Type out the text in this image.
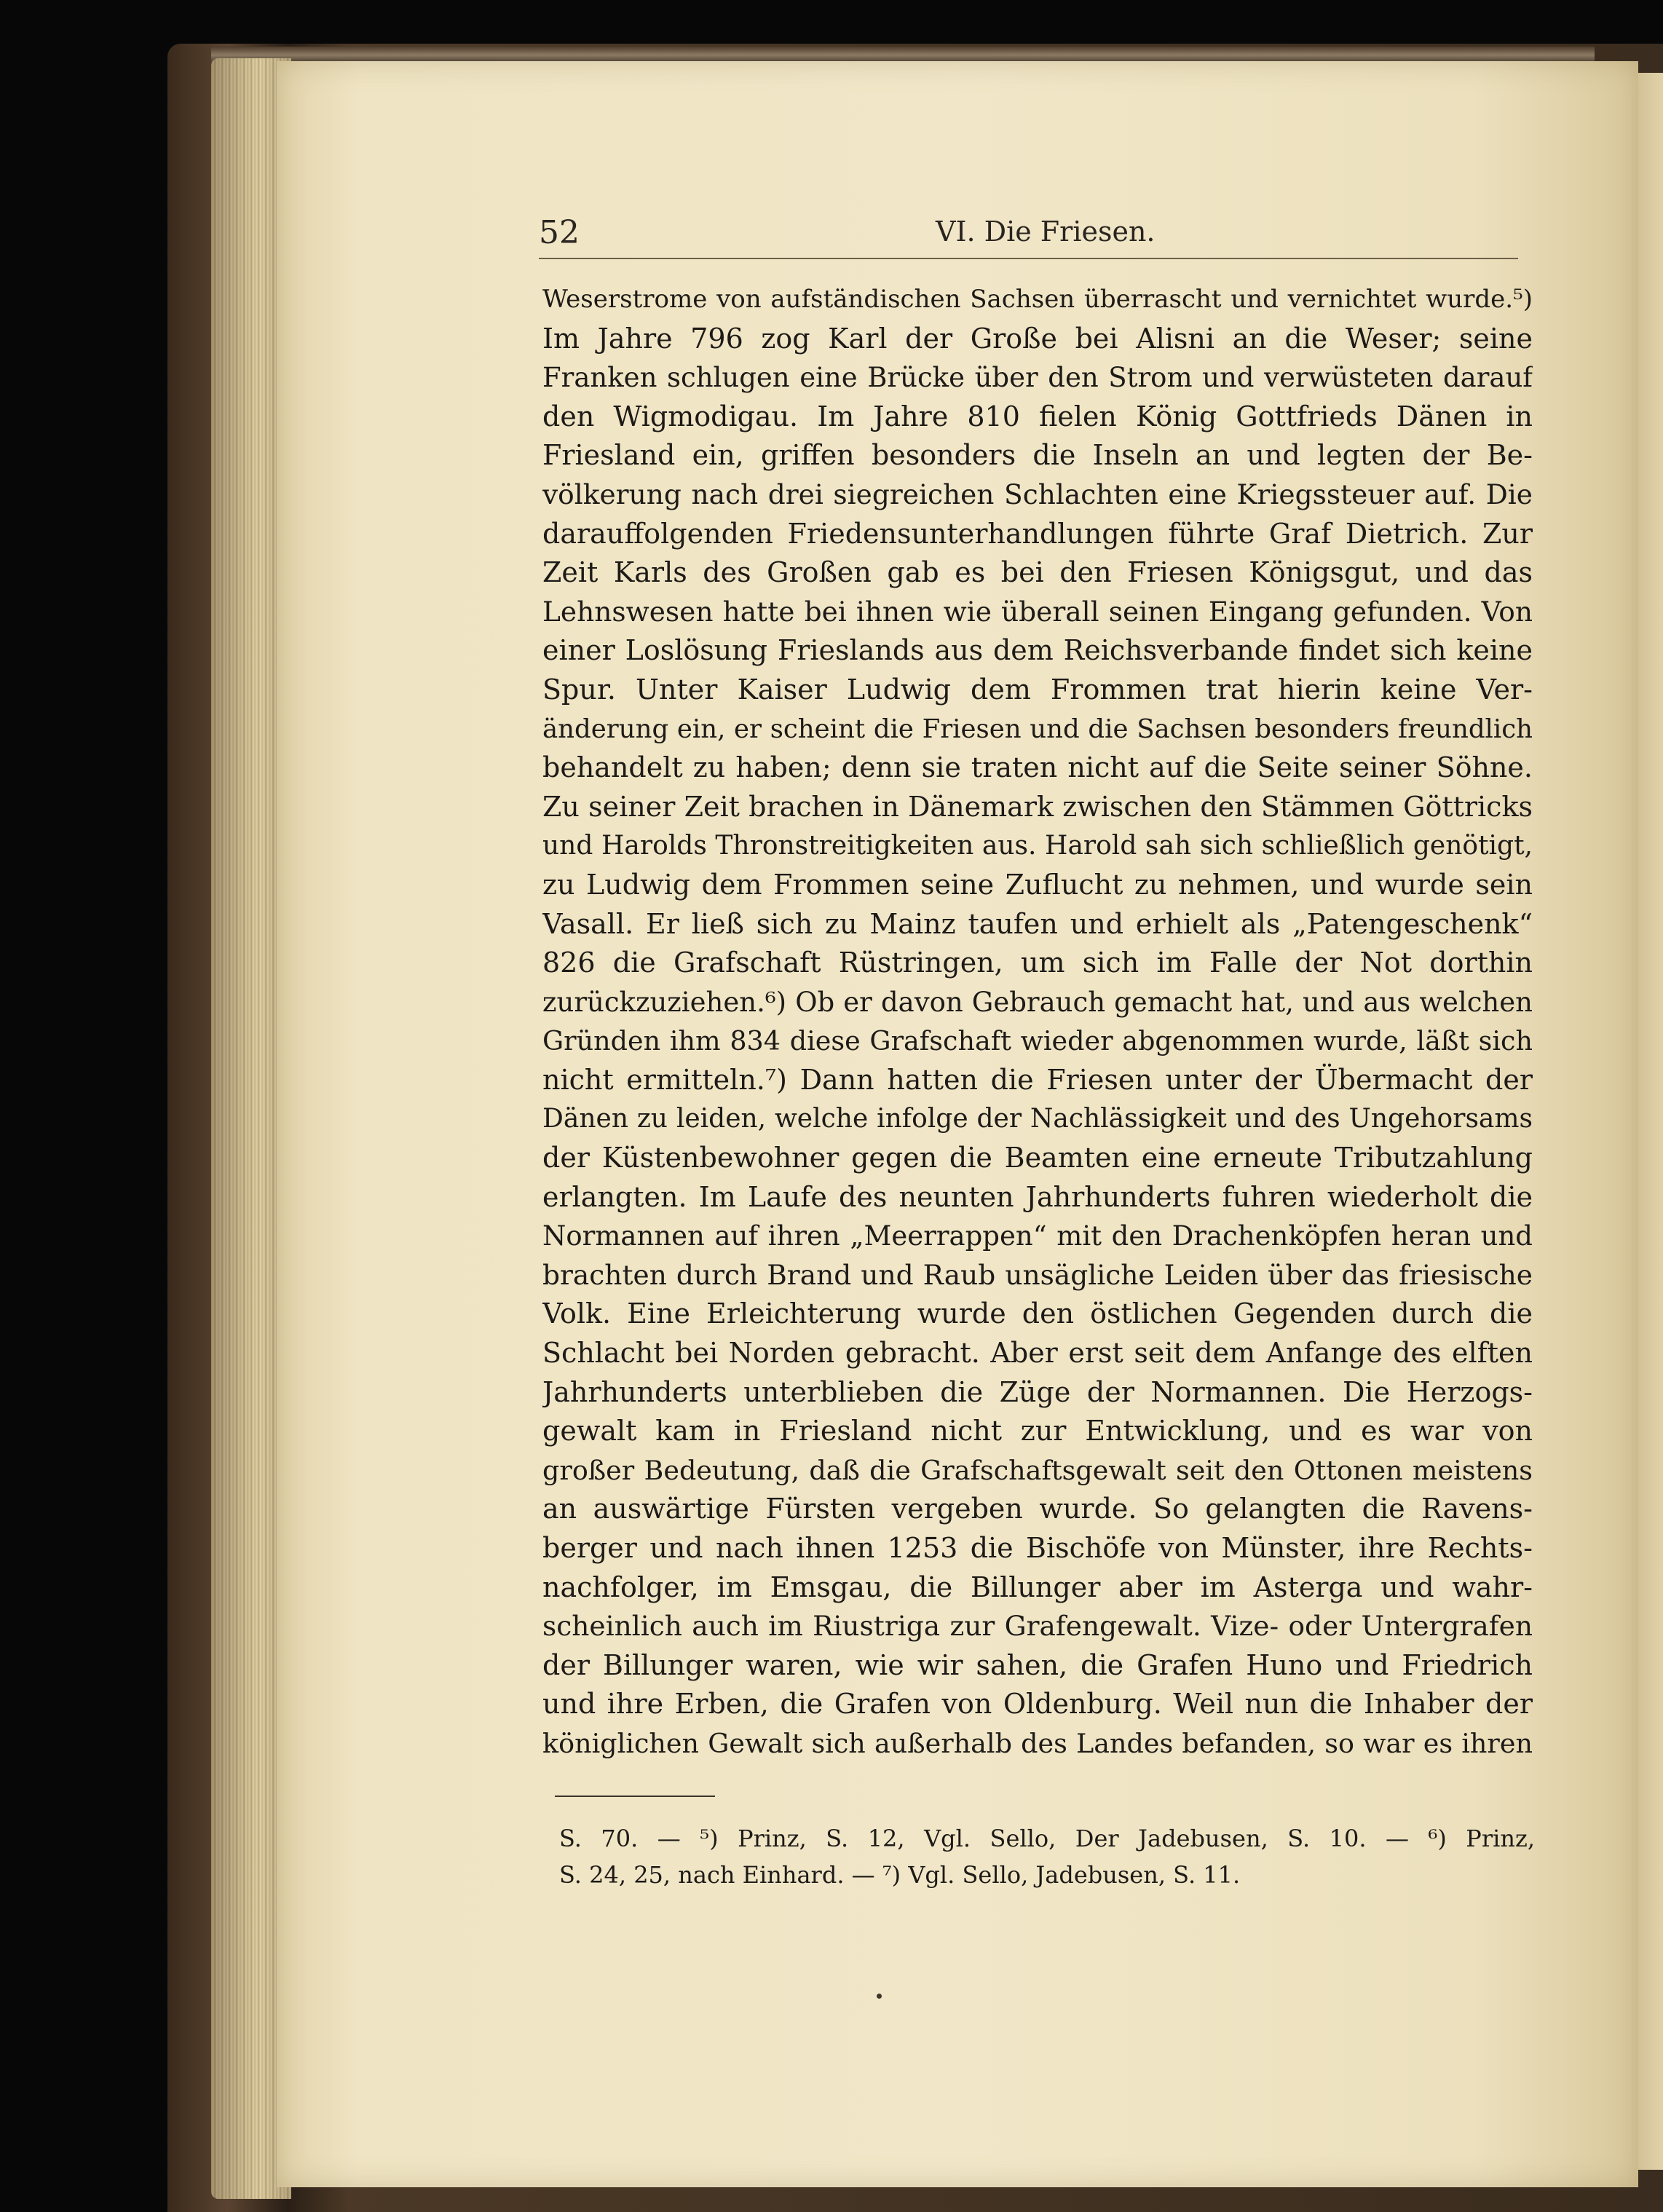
52	VI. Die Friesen.
Weserstrome von aufständischen Sachsen überrascht und vernichtet wurde.⁵)
Im Jahre 796 zog Karl der Große bei Alisni an die Weser; seine
Franken schlugen eine Brücke über den Strom und verwüsteten darauf
den Wigmodigau. Im Jahre 810 fielen König Gottfrieds Dänen in
Friesland ein, griffen besonders die Inseln an und legten der Be-
völkerung nach drei siegreichen Schlachten eine Kriegssteuer auf. Die
darauffolgenden Friedensunterhandlungen führte Graf Dietrich. Zur
Zeit Karls des Großen gab es bei den Friesen Königsgut, und das
Lehnswesen hatte bei ihnen wie überall seinen Eingang gefunden. Von
einer Loslösung Frieslands aus dem Reichsverbande findet sich keine
Spur. Unter Kaiser Ludwig dem Frommen trat hierin keine Ver-
änderung ein, er scheint die Friesen und die Sachsen besonders freundlich
behandelt zu haben; denn sie traten nicht auf die Seite seiner Söhne.
Zu seiner Zeit brachen in Dänemark zwischen den Stämmen Göttricks
und Harolds Thronstreitigkeiten aus. Harold sah sich schließlich genötigt,
zu Ludwig dem Frommen seine Zuflucht zu nehmen, und wurde sein
Vasall. Er ließ sich zu Mainz taufen und erhielt als „Patengeschenk“
826 die Grafschaft Rüstringen, um sich im Falle der Not dorthin
zurückzuziehen.⁶) Ob er davon Gebrauch gemacht hat, und aus welchen
Gründen ihm 834 diese Grafschaft wieder abgenommen wurde, läßt sich
nicht ermitteln.⁷) Dann hatten die Friesen unter der Übermacht der
Dänen zu leiden, welche infolge der Nachlässigkeit und des Ungehorsams
der Küstenbewohner gegen die Beamten eine erneute Tributzahlung
erlangten. Im Laufe des neunten Jahrhunderts fuhren wiederholt die
Normannen auf ihren „Meerrappen“ mit den Drachenköpfen heran und
brachten durch Brand und Raub unsägliche Leiden über das friesische
Volk. Eine Erleichterung wurde den östlichen Gegenden durch die
Schlacht bei Norden gebracht. Aber erst seit dem Anfange des elften
Jahrhunderts unterblieben die Züge der Normannen. Die Herzogs-
gewalt kam in Friesland nicht zur Entwicklung, und es war von
großer Bedeutung, daß die Grafschaftsgewalt seit den Ottonen meistens
an auswärtige Fürsten vergeben wurde. So gelangten die Ravens-
berger und nach ihnen 1253 die Bischöfe von Münster, ihre Rechts-
nachfolger, im Emsgau, die Billunger aber im Asterga und wahr-
scheinlich auch im Riustriga zur Grafengewalt. Vize- oder Untergrafen
der Billunger waren, wie wir sahen, die Grafen Huno und Friedrich
und ihre Erben, die Grafen von Oldenburg. Weil nun die Inhaber der
königlichen Gewalt sich außerhalb des Landes befanden, so war es ihren
S. 70. — ⁵) Prinz, S. 12, Vgl. Sello, Der Jadebusen, S. 10. — ⁶) Prinz,
S. 24, 25, nach Einhard. — ⁷) Vgl. Sello, Jadebusen, S. 11.
